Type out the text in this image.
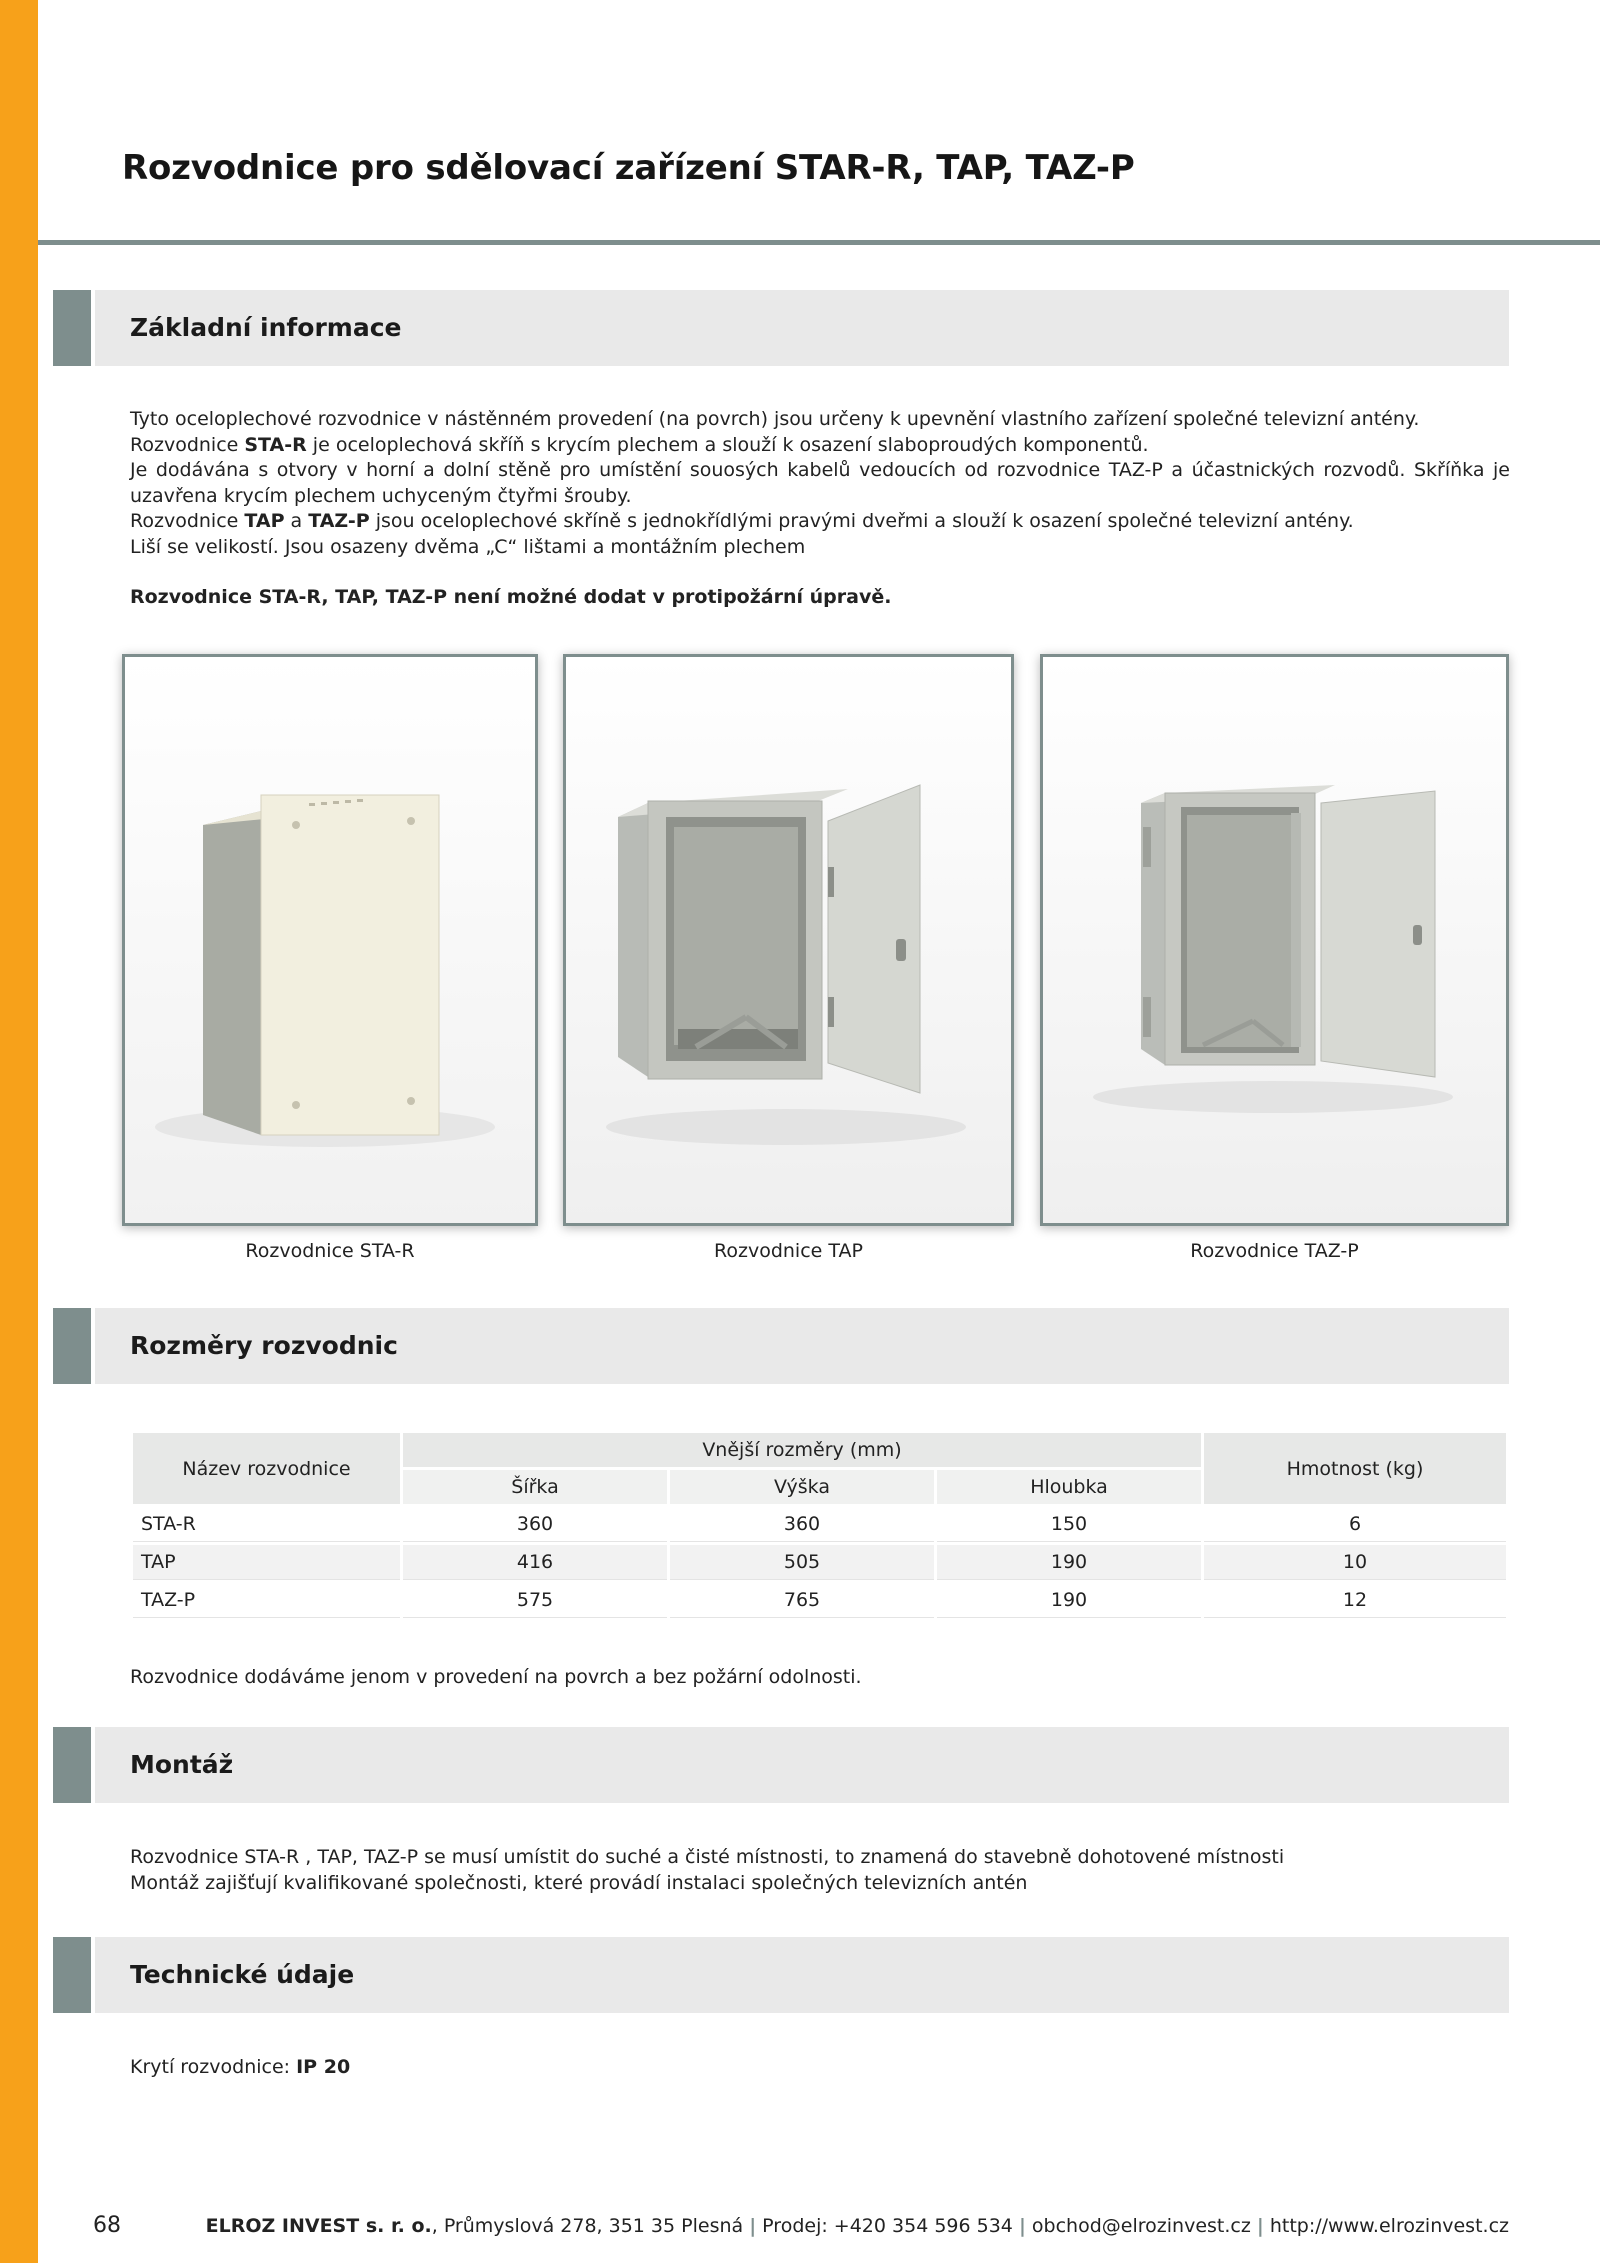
Rozvodnice pro sdělovací zařízení STAR-R, TAP, TAZ-P
Základní informace

Tyto oceloplechové rozvodnice v nástěnném provedení (na povrch) jsou určeny k upevnění vlastního zařízení společné televizní antény.

Rozvodnice STA-R je oceloplechová skříň s krycím plechem a slouží k osazení slaboproudých komponentů.

Je dodávána s otvory v horní a dolní stěně pro umístění souosých kabelů vedoucích od rozvodnice TAZ-P a účastnických rozvodů. Skříňka je uzavřena krycím plechem uchyceným čtyřmi šrouby.

Rozvodnice TAP a TAZ-P jsou oceloplechové skříně s jednokřídlými pravými dveřmi a slouží k osazení společné televizní antény.

Liší se velikostí. Jsou osazeny dvěma „C“ lištami a montážním plechem

Rozvodnice STA-R, TAP, TAZ-P není možné dodat v protipožární úpravě.

Rozvodnice STA-R	Rozvodnice TAP	Rozvodnice TAZ-P
Rozměry rozvodnic
Název rozvodnice	Vnější rozměry (mm)			Hmotnost (kg)
	Šířka	Výška	Hloubka	
STA-R	360	360	150	6
TAP	416	505	190	10
TAZ-P	575	765	190	12

Rozvodnice dodáváme jenom v provedení na povrch a bez požární odolnosti.

Montáž

Rozvodnice STA-R , TAP, TAZ-P se musí umístit do suché a čisté místnosti, to znamená do stavebně dohotovené místnosti

Montáž zajišťují kvalifikované společnosti, které provádí instalaci společných televizních antén

Technické údaje

Krytí rozvodnice: IP 20

68	ELROZ INVEST s. r. o., Průmyslová 278, 351 35 Plesná | Prodej: +420 354 596 534 | obchod@elrozinvest.cz | http://www.elrozinvest.cz
